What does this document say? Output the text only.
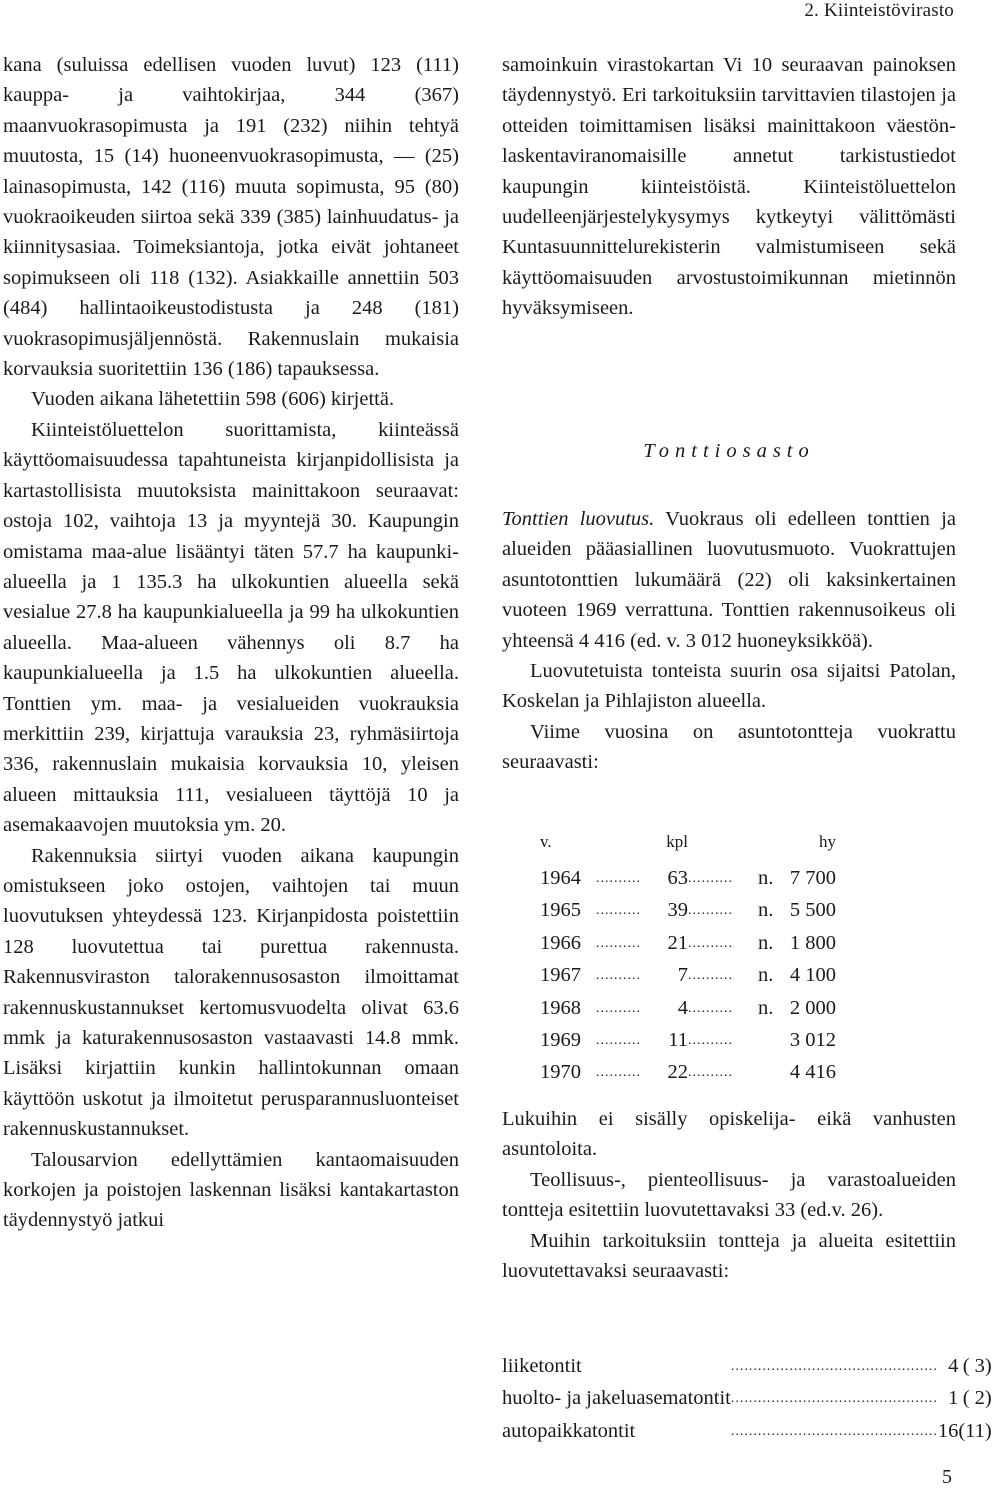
2. Kiinteistövirasto

kana (suluissa edellisen vuoden luvut) 123 (111) kauppa- ja vaihtokirjaa, 344 (367) maanvuokrasopimusta ja 191 (232) niihin tehtyä muutosta, 15 (14) huoneenvuokrasopimusta, — (25) lainasopimusta, 142 (116) muuta sopimusta, 95 (80) vuokraoikeuden siirtoa sekä 339 (385) lainhuudatus- ja kiinnitysasiaa. Toimeksiantoja, jotka eivät johtaneet sopimukseen oli 118 (132). Asiakkaille annettiin 503 (484) hallintaoikeustodistusta ja 248 (181) vuokrasopimusjäljennöstä. Rakennuslain mukaisia korvauksia suoritettiin 136 (186) tapauksessa.

Vuoden aikana lähetettiin 598 (606) kirjettä.

Kiinteistöluettelon suorittamista, kiinteässä käyttöomaisuudessa tapahtuneista kirjanpidollisista ja kartastollisista muutoksista mainittakoon seuraavat: ostoja 102, vaihtoja 13 ja myyntejä 30. Kaupungin omistama maa-alue lisääntyi täten 57.7 ha kaupunkialueella ja 1 135.3 ha ulkokuntien alueella sekä vesialue 27.8 ha kaupunkialueella ja 99 ha ulkokuntien alueella. Maa-alueen vähennys oli 8.7 ha kaupunkialueella ja 1.5 ha ulkokuntien alueella. Tonttien ym. maa- ja vesialueiden vuokrauksia merkittiin 239, kirjattuja varauksia 23, ryhmäsiirtoja 336, rakennuslain mukaisia korvauksia 10, yleisen alueen mittauksia 111, vesialueen täyttöjä 10 ja asemakaavojen muutoksia ym. 20.

Rakennuksia siirtyi vuoden aikana kaupungin omistukseen joko ostojen, vaihtojen tai muun luovutuksen yhteydessä 123. Kirjanpidosta poistettiin 128 luovutettua tai purettua rakennusta. Rakennusviraston talorakennusosaston ilmoittamat rakennuskustannukset kertomusvuodelta olivat 63.6 mmk ja katurakennusosaston vastaavasti 14.8 mmk. Lisäksi kirjattiin kunkin hallintokunnan omaan käyttöön uskotut ja ilmoitetut perusparannusluonteiset rakennuskustannukset.

Talousarvion edellyttämien kantaomaisuuden korkojen ja poistojen laskennan lisäksi kantakartaston täydennystyö jatkui

samoinkuin virastokartan Vi 10 seuraavan painoksen täydennystyö. Eri tarkoituksiin tarvittavien tilastojen ja otteiden toimittamisen lisäksi mainittakoon väestönlaskentaviranomaisille annetut tarkistustiedot kaupungin kiinteistöistä. Kiinteistöluettelon uudelleenjärjestelykysymys kytkeytyi välittömästi Kuntasuunnittelurekisterin valmistumiseen sekä käyttöomaisuuden arvostustoimikunnan mietinnön hyväksymiseen.

Tonttiosasto

Tonttien luovutus. Vuokraus oli edelleen tonttien ja alueiden pääasiallinen luovutusmuoto. Vuokrattujen asuntotonttien lukumäärä (22) oli kaksinkertainen vuoteen 1969 verrattuna. Tonttien rakennusoikeus oli yhteensä 4 416 (ed. v. 3 012 huoneyksikköä).

Luovutetuista tonteista suurin osa sijaitsi Patolan, Koskelan ja Pihlajiston alueella.

Viime vuosina on asuntotontteja vuokrattu seuraavasti:

v.		kpl			hy
1964	..........	63	..........	n.	7 700
1965	..........	39	..........	n.	5 500
1966	..........	21	..........	n.	1 800
1967	..........	7	..........	n.	4 100
1968	..........	4	..........	n.	2 000
1969	..........	11	..........		3 012
1970	..........	22	..........		4 416

Lukuihin ei sisälly opiskelija- eikä vanhusten asuntoloita.

Teollisuus-, pienteollisuus- ja varastoalueiden tontteja esitettiin luovutettavaksi 33 (ed.v. 26).

Muihin tarkoituksiin tontteja ja alueita esitettiin luovutettavaksi seuraavasti:

liiketontit	..............................................	4	( 3)
huolto- ja jakeluasematontit	..............................................	1	( 2)
autopaikkatontit	..............................................	16	(11)
5
